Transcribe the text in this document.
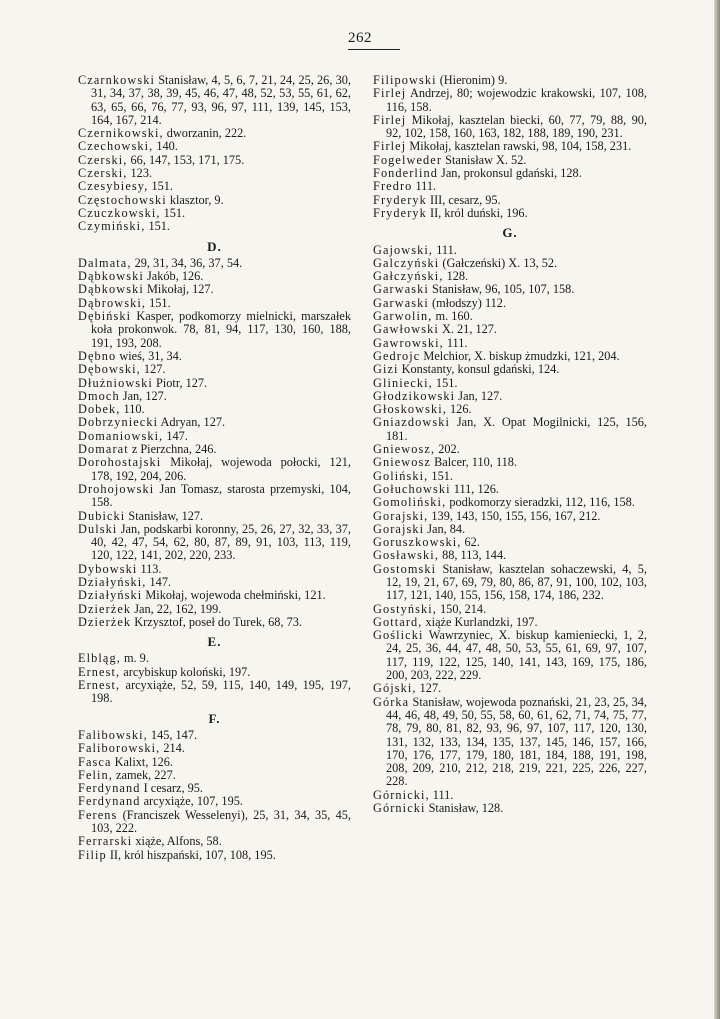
262

Czarnkowski Stanisław, 4, 5, 6, 7, 21, 24, 25, 26, 30, 31, 34, 37, 38, 39, 45, 46, 47, 48, 52, 53, 55, 61, 62, 63, 65, 66, 76, 77, 93, 96, 97, 111, 139, 145, 153, 164, 167, 214.

Czernikowski, dworzanin, 222.

Czechowski, 140.

Czerski, 66, 147, 153, 171, 175.

Czerski, 123.

Czesybiesy, 151.

Częstochowski klasztor, 9.

Czuczkowski, 151.

Czymiński, 151.

D.

Dalmata, 29, 31, 34, 36, 37, 54.

Dąbkowski Jakób, 126.

Dąbkowski Mikołaj, 127.

Dąbrowski, 151.

Dębiński Kasper, podkomorzy mielnicki, marszałek koła prokonwok. 78, 81, 94, 117, 130, 160, 188, 191, 193, 208.

Dębno wieś, 31, 34.

Dębowski, 127.

Dłużniowski Piotr, 127.

Dmoch Jan, 127.

Dobek, 110.

Dobrzyniecki Adryan, 127.

Domaniowski, 147.

Domarat z Pierzchna, 246.

Dorohostajski Mikołaj, wojewoda połocki, 121, 178, 192, 204, 206.

Drohojowski Jan Tomasz, starosta przemyski, 104, 158.

Dubicki Stanisław, 127.

Dulski Jan, podskarbi koronny, 25, 26, 27, 32, 33, 37, 40, 42, 47, 54, 62, 80, 87, 89, 91, 103, 113, 119, 120, 122, 141, 202, 220, 233.

Dybowski 113.

Działyński, 147.

Działyński Mikołaj, wojewoda chełmiński, 121.

Dzierżek Jan, 22, 162, 199.

Dzierżek Krzysztof, poseł do Turek, 68, 73.

E.

Elbląg, m. 9.

Ernest, arcybiskup koloński, 197.

Ernest, arcyxiąże, 52, 59, 115, 140, 149, 195, 197, 198.

F.

Falibowski, 145, 147.

Faliborowski, 214.

Fasca Kalixt, 126.

Felin, zamek, 227.

Ferdynand I cesarz, 95.

Ferdynand arcyxiąże, 107, 195.

Ferens (Franciszek Wesselenyi), 25, 31, 34, 35, 45, 103, 222.

Ferrarski xiąże, Alfons, 58.

Filip II, król hiszpański, 107, 108, 195.

Filipowski (Hieronim) 9.

Firlej Andrzej, 80; wojewodzic krakowski, 107, 108, 116, 158.

Firlej Mikołaj, kasztelan biecki, 60, 77, 79, 88, 90, 92, 102, 158, 160, 163, 182, 188, 189, 190, 231.

Firlej Mikołaj, kasztelan rawski, 98, 104, 158, 231.

Fogelweder Stanisław X. 52.

Fonderlind Jan, prokonsul gdański, 128.

Fredro 111.

Fryderyk III, cesarz, 95.

Fryderyk II, król duński, 196.

G.

Gajowski, 111.

Galczyński (Gałczeński) X. 13, 52.

Gałczyński, 128.

Garwaski Stanisław, 96, 105, 107, 158.

Garwaski (młodszy) 112.

Garwolin, m. 160.

Gawłowski X. 21, 127.

Gawrowski, 111.

Gedrojc Melchior, X. biskup żmudzki, 121, 204.

Gizi Konstanty, konsul gdański, 124.

Gliniecki, 151.

Głodzikowski Jan, 127.

Głoskowski, 126.

Gniazdowski Jan, X. Opat Mogilnicki, 125, 156, 181.

Gniewosz, 202.

Gniewosz Balcer, 110, 118.

Goliński, 151.

Gołuchowski 111, 126.

Gomoliński, podkomorzy sieradzki, 112, 116, 158.

Gorajski, 139, 143, 150, 155, 156, 167, 212.

Gorajski Jan, 84.

Goruszkowski, 62.

Gosławski, 88, 113, 144.

Gostomski Stanisław, kasztelan sohaczewski, 4, 5, 12, 19, 21, 67, 69, 79, 80, 86, 87, 91, 100, 102, 103, 117, 121, 140, 155, 156, 158, 174, 186, 232.

Gostyński, 150, 214.

Gottard, xiąże Kurlandzki, 197.

Goślicki Wawrzyniec, X. biskup kamieniecki, 1, 2, 24, 25, 36, 44, 47, 48, 50, 53, 55, 61, 69, 97, 107, 117, 119, 122, 125, 140, 141, 143, 169, 175, 186, 200, 203, 222, 229.

Gójski, 127.

Górka Stanisław, wojewoda poznański, 21, 23, 25, 34, 44, 46, 48, 49, 50, 55, 58, 60, 61, 62, 71, 74, 75, 77, 78, 79, 80, 81, 82, 93, 96, 97, 107, 117, 120, 130, 131, 132, 133, 134, 135, 137, 145, 146, 157, 166, 170, 176, 177, 179, 180, 181, 184, 188, 191, 198, 208, 209, 210, 212, 218, 219, 221, 225, 226, 227, 228.

Górnicki, 111.

Górnicki Stanisław, 128.
